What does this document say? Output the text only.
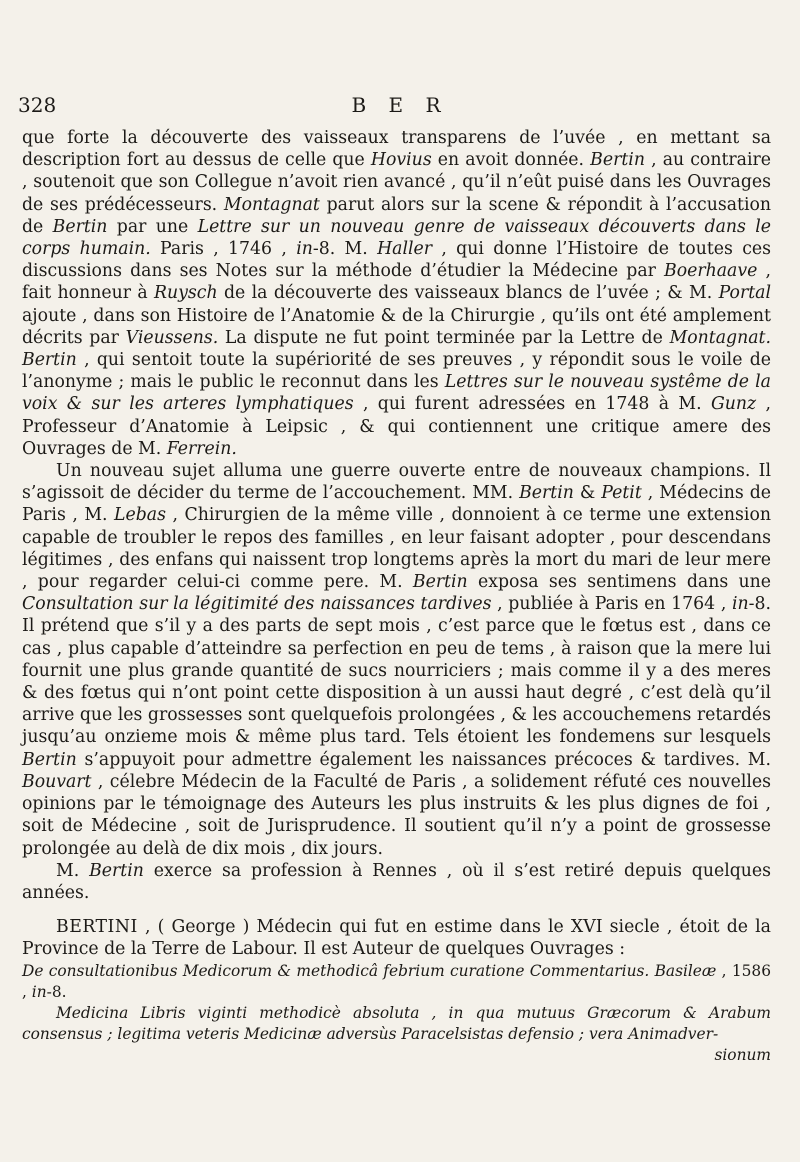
328	B E R

que forte la découverte des vaisseaux transparens de l’uvée , en mettant sa description fort au dessus de celle que Hovius en avoit donnée. Bertin , au contraire , soutenoit que son Collegue n’avoit rien avancé , qu’il n’eût puisé dans les Ouvrages de ses prédécesseurs. Montagnat parut alors sur la scene & répondit à l’accusation de Bertin par une Lettre sur un nouveau genre de vaisseaux découverts dans le corps humain. Paris , 1746 , in-8. M. Haller , qui donne l’Histoire de toutes ces discussions dans ses Notes sur la méthode d’étudier la Médecine par Boerhaave , fait honneur à Ruysch de la découverte des vaisseaux blancs de l’uvée ; & M. Portal ajoute , dans son Histoire de l’Anatomie & de la Chirurgie , qu’ils ont été amplement décrits par Vieussens. La dispute ne fut point terminée par la Lettre de Montagnat. Bertin , qui sentoit toute la supériorité de ses preuves , y répondit sous le voile de l’anonyme ; mais le public le reconnut dans les Lettres sur le nouveau systême de la voix & sur les arteres lymphatiques , qui furent adressées en 1748 à M. Gunz , Professeur d’Anatomie à Leipsic , & qui contiennent une critique amere des Ouvrages de M. Ferrein.

Un nouveau sujet alluma une guerre ouverte entre de nouveaux champions. Il s’agissoit de décider du terme de l’accouchement. MM. Bertin & Petit , Médecins de Paris , M. Lebas , Chirurgien de la même ville , donnoient à ce terme une extension capable de troubler le repos des familles , en leur faisant adopter , pour descendans légitimes , des enfans qui naissent trop longtems après la mort du mari de leur mere , pour regarder celui-ci comme pere. M. Bertin exposa ses sentimens dans une Consultation sur la légitimité des naissances tardives , publiée à Paris en 1764 , in-8. Il prétend que s’il y a des parts de sept mois , c’est parce que le fœtus est , dans ce cas , plus capable d’atteindre sa perfection en peu de tems , à raison que la mere lui fournit une plus grande quantité de sucs nourriciers ; mais comme il y a des meres & des fœtus qui n’ont point cette disposition à un aussi haut degré , c’est delà qu’il arrive que les grossesses sont quelquefois prolongées , & les accouchemens retardés jusqu’au onzieme mois & même plus tard. Tels étoient les fondemens sur lesquels Bertin s’appuyoit pour admettre également les naissances précoces & tardives. M. Bouvart , célebre Médecin de la Faculté de Paris , a solidement réfuté ces nouvelles opinions par le témoignage des Auteurs les plus instruits & les plus dignes de foi , soit de Médecine , soit de Jurisprudence. Il soutient qu’il n’y a point de grossesse prolongée au delà de dix mois , dix jours.

M. Bertin exerce sa profession à Rennes , où il s’est retiré depuis quelques années.

BERTINI , ( George ) Médecin qui fut en estime dans le XVI siecle , étoit de la Province de la Terre de Labour. Il est Auteur de quelques Ouvrages :

De consultationibus Medicorum & methodicâ febrium curatione Commentarius. Basileæ , 1586 , in-8.

Medicina Libris viginti methodicè absoluta , in qua mutuus Græcorum & Arabum consensus ; legitima veteris Medicinæ adversùs Paracelsistas defensio ; vera Animadver-
sionum
